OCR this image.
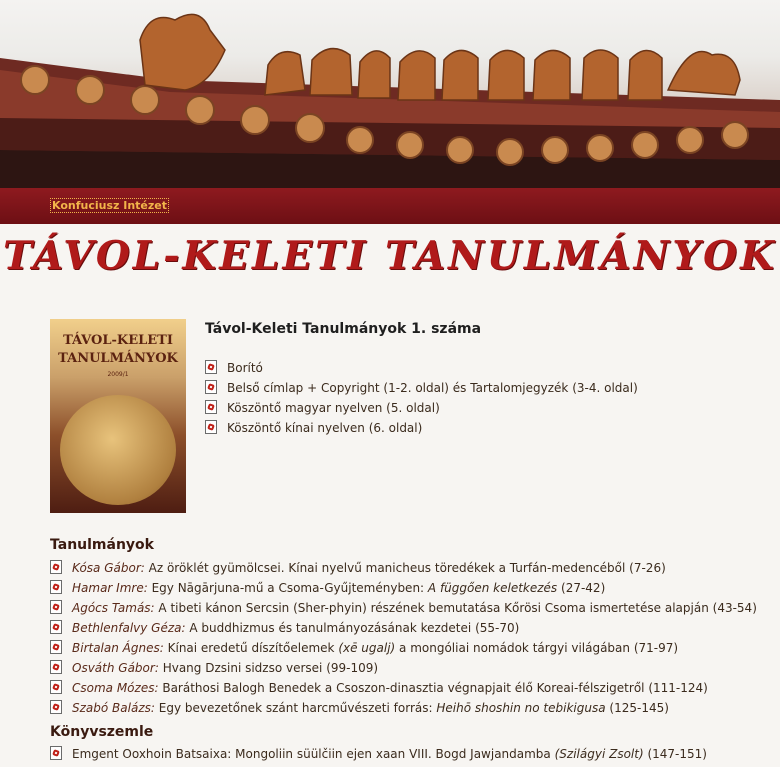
Konfuciusz Intézet
TÁVOL-KELETI TANULMÁNYOK
TÁVOL-KELETI
TANULMÁNYOK
2009/1
Távol-Keleti Tanulmányok 1. száma
Borító
Belső címlap + Copyright (1-2. oldal) és Tartalomjegyzék (3-4. oldal)
Köszöntő magyar nyelven (5. oldal)
Köszöntő kínai nyelven (6. oldal)
Tanulmányok
Kósa Gábor: Az öröklét gyümölcsei. Kínai nyelvű manicheus töredékek a Turfán-medencéből (7-26)
Hamar Imre: Egy Nāgārjuna-mű a Csoma-Gyűjteményben: A függően keletkezés (27-42)
Agócs Tamás: A tibeti kánon Sercsin (Sher-phyin) részének bemutatása Kőrösi Csoma ismertetése alapján (43-54)
Bethlenfalvy Géza: A buddhizmus és tanulmányozásának kezdetei (55-70)
Birtalan Ágnes: Kínai eredetű díszítőelemek (xē ugalj) a mongóliai nomádok tárgyi világában (71-97)
Osváth Gábor: Hvang Dzsini sidzso versei (99-109)
Csoma Mózes: Baráthosi Balogh Benedek a Csoszon-dinasztia végnapjait élő Koreai-félszigetről (111-124)
Szabó Balázs: Egy bevezetőnek szánt harcművészeti forrás: Heihō shoshin no tebikigusa (125-145)
Könyvszemle
Emgent Ooxhoin Batsaixa: Mongoliin süülčiin ejen xaan VIII. Bogd Jawjandamba (Szilágyi Zsolt) (147-151)
